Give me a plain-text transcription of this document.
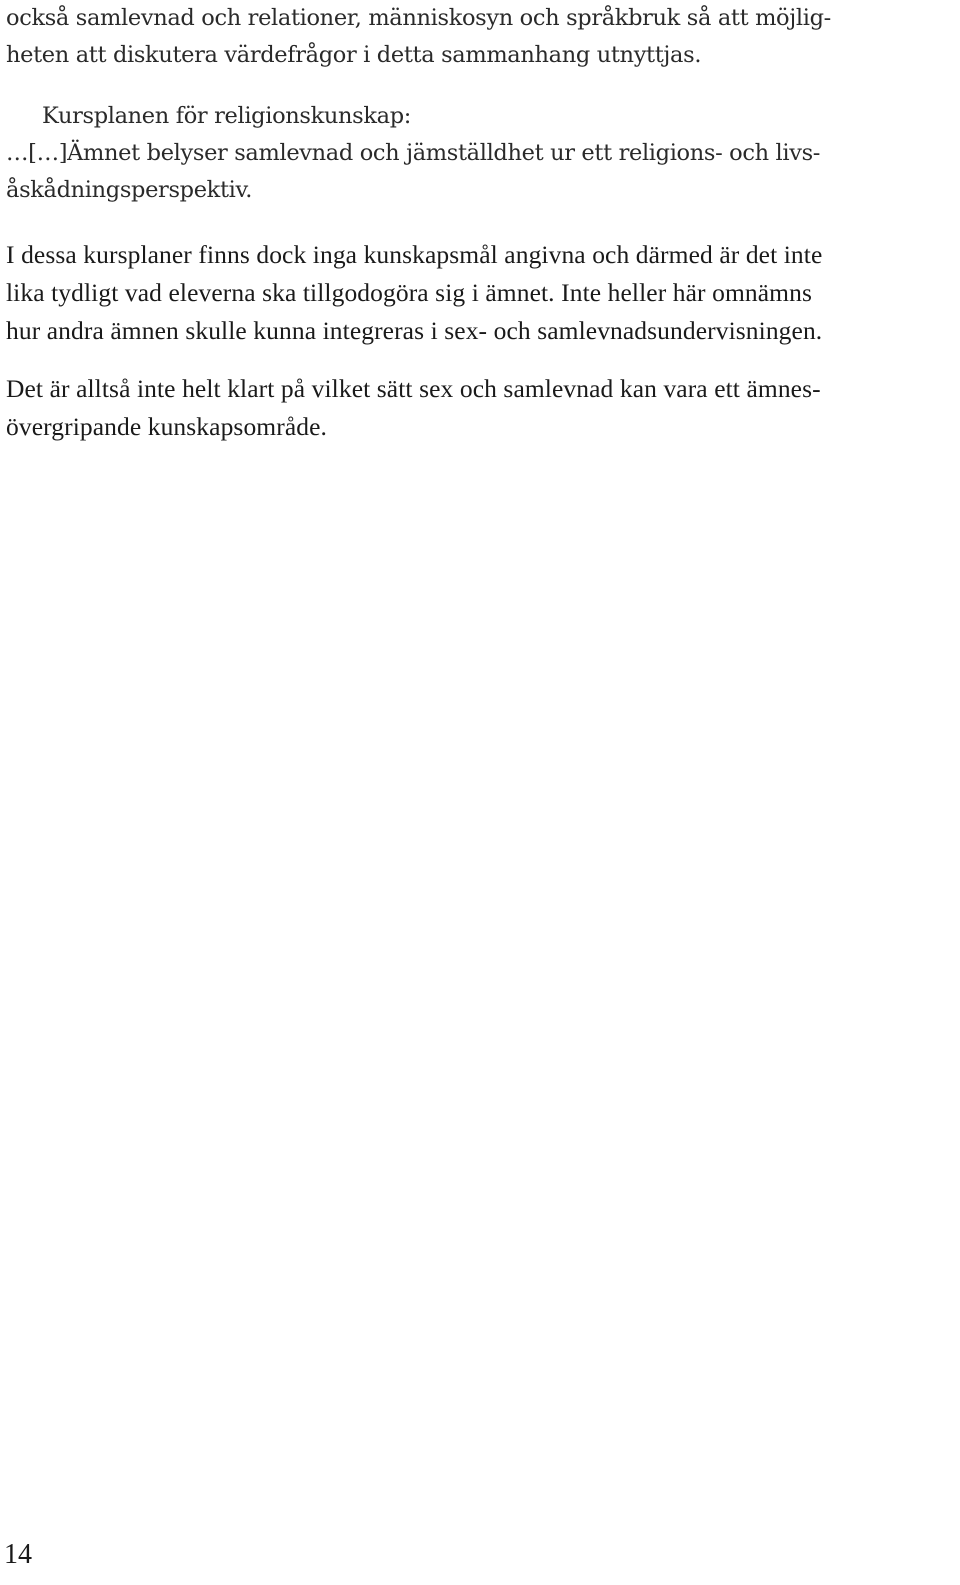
också samlevnad och relationer, människosyn och språkbruk så att möjlig-
heten att diskutera värdefrågor i detta sammanhang utnyttjas.
Kursplanen för religionskunskap:
…[…]Ämnet belyser samlevnad och jämställdhet ur ett religions- och livs-
åskådningsperspektiv.
I dessa kursplaner finns dock inga kunskapsmål angivna och därmed är det inte
lika tydligt vad eleverna ska tillgodogöra sig i ämnet. Inte heller här omnämns
hur andra ämnen skulle kunna integreras i sex- och samlevnadsundervisningen.
Det är alltså inte helt klart på vilket sätt sex och samlevnad kan vara ett ämnes-
övergripande kunskapsområde.
14
